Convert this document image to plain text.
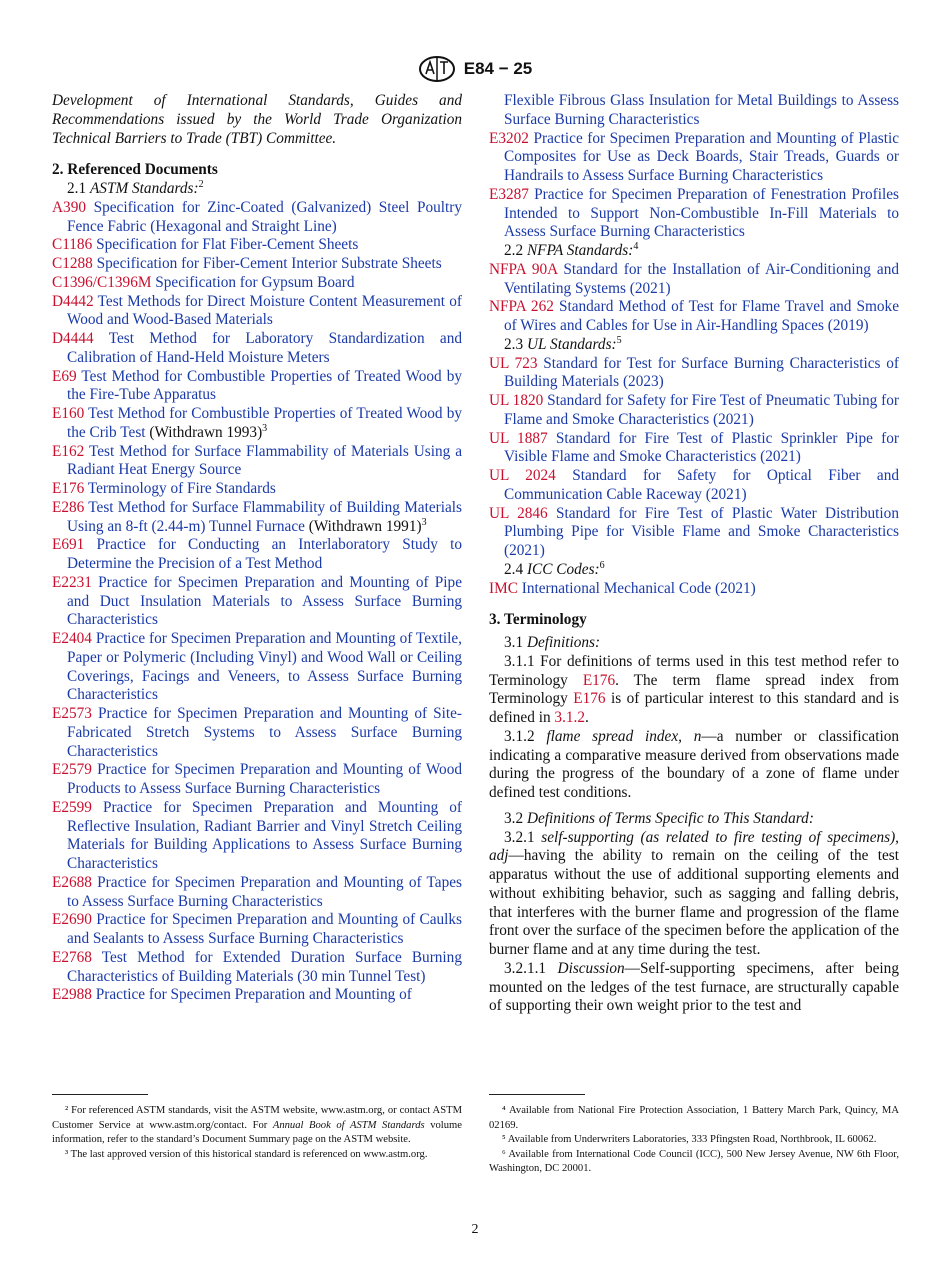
E84 − 25

Development of International Standards, Guides and Recommendations issued by the World Trade Organization Technical Barriers to Trade (TBT) Committee.

2. Referenced Documents

2.1 ASTM Standards:$^2$

A390 Specification for Zinc-Coated (Galvanized) Steel Poultry Fence Fabric (Hexagonal and Straight Line)

C1186 Specification for Flat Fiber-Cement Sheets

C1288 Specification for Fiber-Cement Interior Substrate Sheets

C1396/C1396M Specification for Gypsum Board

D4442 Test Methods for Direct Moisture Content Measurement of Wood and Wood-Based Materials

D4444 Test Method for Laboratory Standardization and Calibration of Hand-Held Moisture Meters

E69 Test Method for Combustible Properties of Treated Wood by the Fire-Tube Apparatus

E160 Test Method for Combustible Properties of Treated Wood by the Crib Test (Withdrawn 1993)$^3$

E162 Test Method for Surface Flammability of Materials Using a Radiant Heat Energy Source

E176 Terminology of Fire Standards

E286 Test Method for Surface Flammability of Building Materials Using an 8-ft (2.44-m) Tunnel Furnace (Withdrawn 1991)$^3$

E691 Practice for Conducting an Interlaboratory Study to Determine the Precision of a Test Method

E2231 Practice for Specimen Preparation and Mounting of Pipe and Duct Insulation Materials to Assess Surface Burning Characteristics

E2404 Practice for Specimen Preparation and Mounting of Textile, Paper or Polymeric (Including Vinyl) and Wood Wall or Ceiling Coverings, Facings and Veneers, to Assess Surface Burning Characteristics

E2573 Practice for Specimen Preparation and Mounting of Site-Fabricated Stretch Systems to Assess Surface Burning Characteristics

E2579 Practice for Specimen Preparation and Mounting of Wood Products to Assess Surface Burning Characteristics

E2599 Practice for Specimen Preparation and Mounting of Reflective Insulation, Radiant Barrier and Vinyl Stretch Ceiling Materials for Building Applications to Assess Surface Burning Characteristics

E2688 Practice for Specimen Preparation and Mounting of Tapes to Assess Surface Burning Characteristics

E2690 Practice for Specimen Preparation and Mounting of Caulks and Sealants to Assess Surface Burning Characteristics

E2768 Test Method for Extended Duration Surface Burning Characteristics of Building Materials (30 min Tunnel Test)

E2988 Practice for Specimen Preparation and Mounting of

Flexible Fibrous Glass Insulation for Metal Buildings to Assess Surface Burning Characteristics

E3202 Practice for Specimen Preparation and Mounting of Plastic Composites for Use as Deck Boards, Stair Treads, Guards or Handrails to Assess Surface Burning Characteristics

E3287 Practice for Specimen Preparation of Fenestration Profiles Intended to Support Non-Combustible In-Fill Materials to Assess Surface Burning Characteristics

2.2 NFPA Standards:$^4$

NFPA 90A Standard for the Installation of Air-Conditioning and Ventilating Systems (2021)

NFPA 262 Standard Method of Test for Flame Travel and Smoke of Wires and Cables for Use in Air-Handling Spaces (2019)

2.3 UL Standards:$^5$

UL 723 Standard for Test for Surface Burning Characteristics of Building Materials (2023)

UL 1820 Standard for Safety for Fire Test of Pneumatic Tubing for Flame and Smoke Characteristics (2021)

UL 1887 Standard for Fire Test of Plastic Sprinkler Pipe for Visible Flame and Smoke Characteristics (2021)

UL 2024 Standard for Safety for Optical Fiber and Communication Cable Raceway (2021)

UL 2846 Standard for Fire Test of Plastic Water Distribution Plumbing Pipe for Visible Flame and Smoke Characteristics (2021)

2.4 ICC Codes:$^6$

IMC International Mechanical Code (2021)

3. Terminology

3.1 Definitions:

3.1.1 For definitions of terms used in this test method refer to Terminology E176. The term flame spread index from Terminology E176 is of particular interest to this standard and is defined in 3.1.2.

3.1.2 flame spread index, n—a number or classification indicating a comparative measure derived from observations made during the progress of the boundary of a zone of flame under defined test conditions.

3.2 Definitions of Terms Specific to This Standard:

3.2.1 self-supporting (as related to fire testing of specimens), adj—having the ability to remain on the ceiling of the test apparatus without the use of additional supporting elements and without exhibiting behavior, such as sagging and falling debris, that interferes with the burner flame and progression of the flame front over the surface of the specimen before the application of the burner flame and at any time during the test.

3.2.1.1 Discussion—Self-supporting specimens, after being mounted on the ledges of the test furnace, are structurally capable of supporting their own weight prior to the test and

² For referenced ASTM standards, visit the ASTM website, www.astm.org, or contact ASTM Customer Service at www.astm.org/contact. For Annual Book of ASTM Standards volume information, refer to the standard’s Document Summary page on the ASTM website.

³ The last approved version of this historical standard is referenced on www.astm.org.

⁴ Available from National Fire Protection Association, 1 Battery March Park, Quincy, MA 02169.

⁵ Available from Underwriters Laboratories, 333 Pfingsten Road, Northbrook, IL 60062.

⁶ Available from International Code Council (ICC), 500 New Jersey Avenue, NW 6th Floor, Washington, DC 20001.

2
